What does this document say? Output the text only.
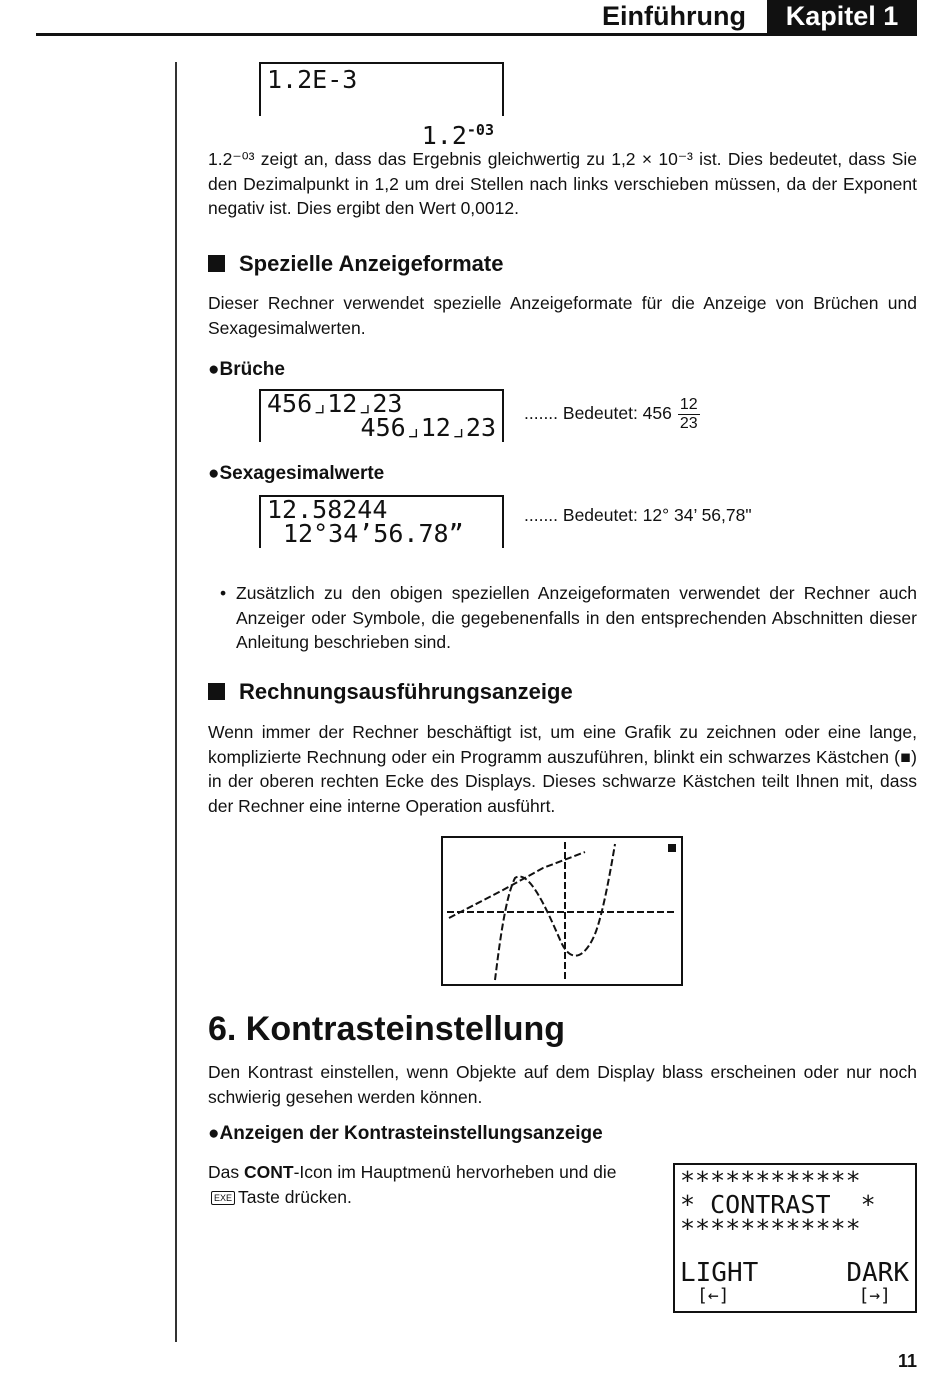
Einführung	Kapitel 1
1.2E-3

$1.2^{-03}$

1.2⁻⁰³ zeigt an, dass das Ergebnis gleichwertig zu 1,2 × 10⁻³ ist. Dies bedeutet, dass Sie den Dezimalpunkt in 1,2 um drei Stellen nach links verschieben müssen, da der Exponent negativ ist. Dies ergibt den Wert 0,0012.

Spezielle Anzeigeformate

Dieser Rechner verwendet spezielle Anzeigeformate für die Anzeige von Brüchen und Sexagesimalwerten.

●Brüche
456⌟12⌟23
456⌟12⌟23 ....... Bedeutet: $456 \frac{12}{23}$
●Sexagesimalwerte
12.58244
12°34’56.78”
....... Bedeutet: 12° 34’ 56,78"
• Zusätzlich zu den obigen speziellen Anzeigeformaten verwendet der Rechner auch Anzeiger oder Symbole, die gegebenenfalls in den entsprechenden Abschnitten dieser Anleitung beschrieben sind.
Rechnungsausführungsanzeige

Wenn immer der Rechner beschäftigt ist, um eine Grafik zu zeichnen oder eine lange, komplizierte Rechnung oder ein Programm auszuführen, blinkt ein schwarzes Kästchen (■) in der oberen rechten Ecke des Displays. Dieses schwarze Kästchen teilt Ihnen mit, dass der Rechner eine interne Operation ausführt.

6. Kontrasteinstellung

Den Kontrast einstellen, wenn Objekte auf dem Display blass erscheinen oder nur noch schwierig gesehen werden können.

●Anzeigen der Kontrasteinstellungsanzeige

Das CONT-Icon im Hauptmenü hervorheben und dieEXE Taste drücken.

************
* CONTRAST  *
************
LIGHT	DARK
[←]	[→]
11
